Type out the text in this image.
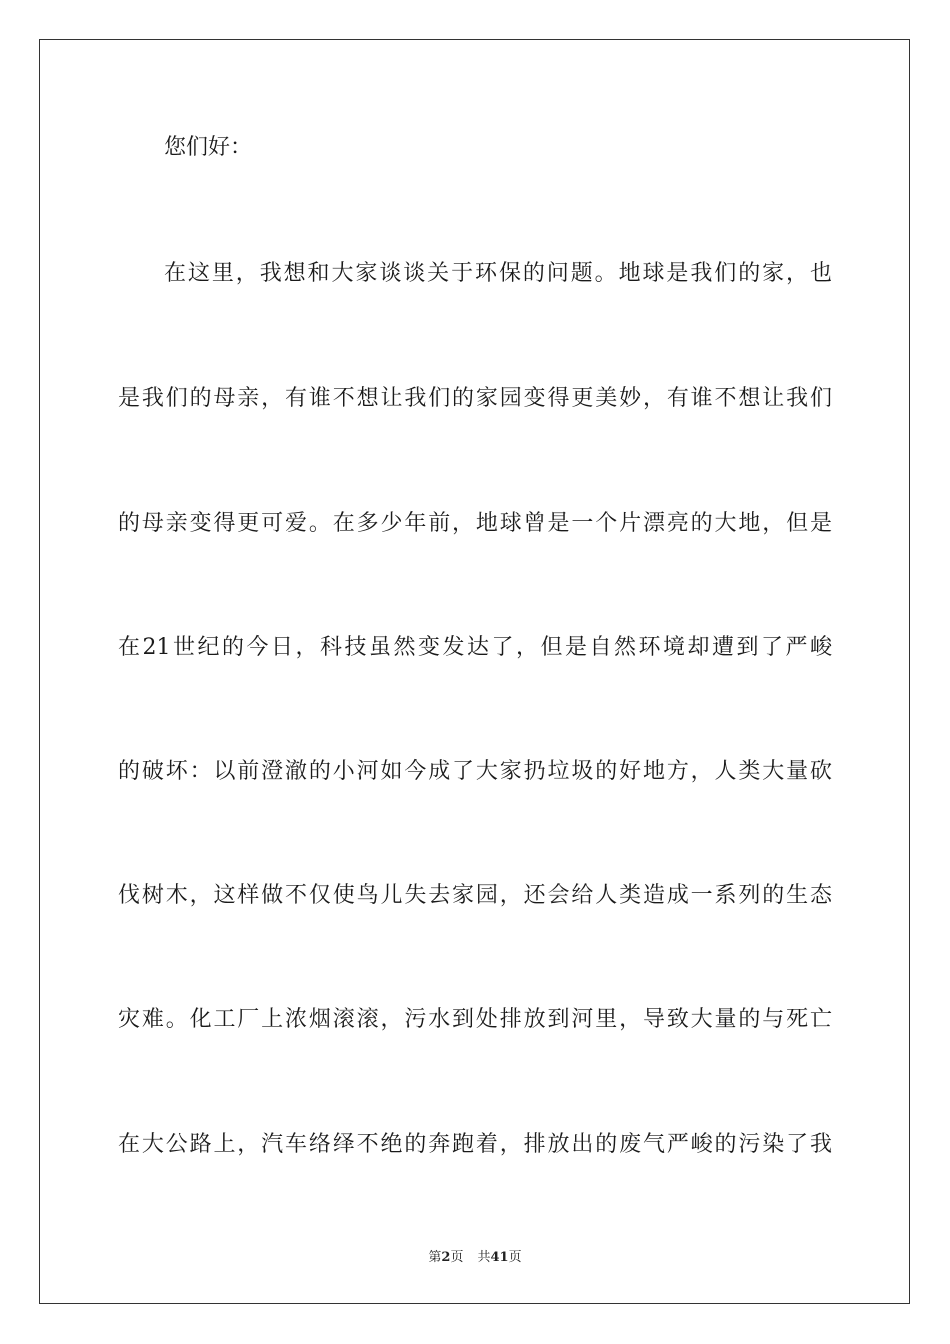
您们好：
在这里，我想和大家谈谈关于环保的问题。地球是我们的家，也
是我们的母亲，有谁不想让我们的家园变得更美妙，有谁不想让我们
的母亲变得更可爱。在多少年前，地球曾是一个片漂亮的大地，但是
在21世纪的今日，科技虽然变发达了，但是自然环境却遭到了严峻
的破坏：以前澄澈的小河如今成了大家扔垃圾的好地方，人类大量砍
伐树木，这样做不仅使鸟儿失去家园，还会给人类造成一系列的生态
灾难。化工厂上浓烟滚滚，污水到处排放到河里，导致大量的与死亡
在大公路上，汽车络绎不绝的奔跑着，排放出的废气严峻的污染了我
第2页 共41页
